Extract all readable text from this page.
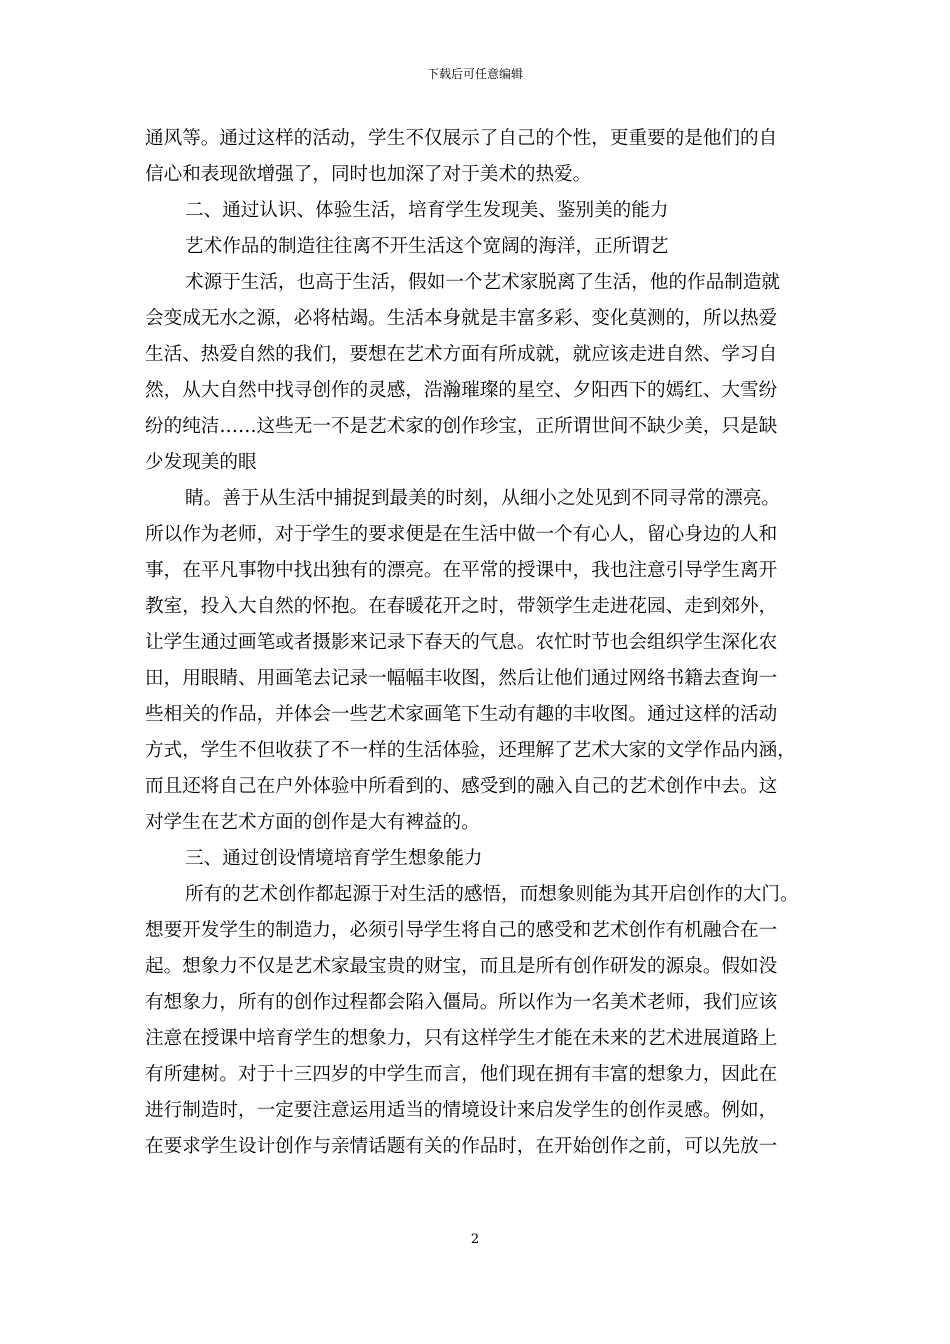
下载后可任意编辑
通风等。通过这样的活动，学生不仅展示了自己的个性，更重要的是他们的自
信心和表现欲增强了，同时也加深了对于美术的热爱。
二、通过认识、体验生活，培育学生发现美、鉴别美的能力
艺术作品的制造往往离不开生活这个宽阔的海洋，正所谓艺
术源于生活，也高于生活，假如一个艺术家脱离了生活，他的作品制造就
会变成无水之源，必将枯竭。生活本身就是丰富多彩、变化莫测的，所以热爱
生活、热爱自然的我们，要想在艺术方面有所成就，就应该走进自然、学习自
然，从大自然中找寻创作的灵感，浩瀚璀璨的星空、夕阳西下的嫣红、大雪纷
纷的纯洁……这些无一不是艺术家的创作珍宝，正所谓世间不缺少美，只是缺
少发现美的眼
睛。善于从生活中捕捉到最美的时刻，从细小之处见到不同寻常的漂亮。
所以作为老师，对于学生的要求便是在生活中做一个有心人，留心身边的人和
事，在平凡事物中找出独有的漂亮。在平常的授课中，我也注意引导学生离开
教室，投入大自然的怀抱。在春暖花开之时，带领学生走进花园、走到郊外，
让学生通过画笔或者摄影来记录下春天的气息。农忙时节也会组织学生深化农
田，用眼睛、用画笔去记录一幅幅丰收图，然后让他们通过网络书籍去查询一
些相关的作品，并体会一些艺术家画笔下生动有趣的丰收图。通过这样的活动
方式，学生不但收获了不一样的生活体验，还理解了艺术大家的文学作品内涵，
而且还将自己在户外体验中所看到的、感受到的融入自己的艺术创作中去。这
对学生在艺术方面的创作是大有裨益的。
三、通过创设情境培育学生想象能力
所有的艺术创作都起源于对生活的感悟，而想象则能为其开启创作的大门。
想要开发学生的制造力，必须引导学生将自己的感受和艺术创作有机融合在一
起。想象力不仅是艺术家最宝贵的财宝，而且是所有创作研发的源泉。假如没
有想象力，所有的创作过程都会陷入僵局。所以作为一名美术老师，我们应该
注意在授课中培育学生的想象力，只有这样学生才能在未来的艺术进展道路上
有所建树。对于十三四岁的中学生而言，他们现在拥有丰富的想象力，因此在
进行制造时，一定要注意运用适当的情境设计来启发学生的创作灵感。例如，
在要求学生设计创作与亲情话题有关的作品时，在开始创作之前，可以先放一
2
